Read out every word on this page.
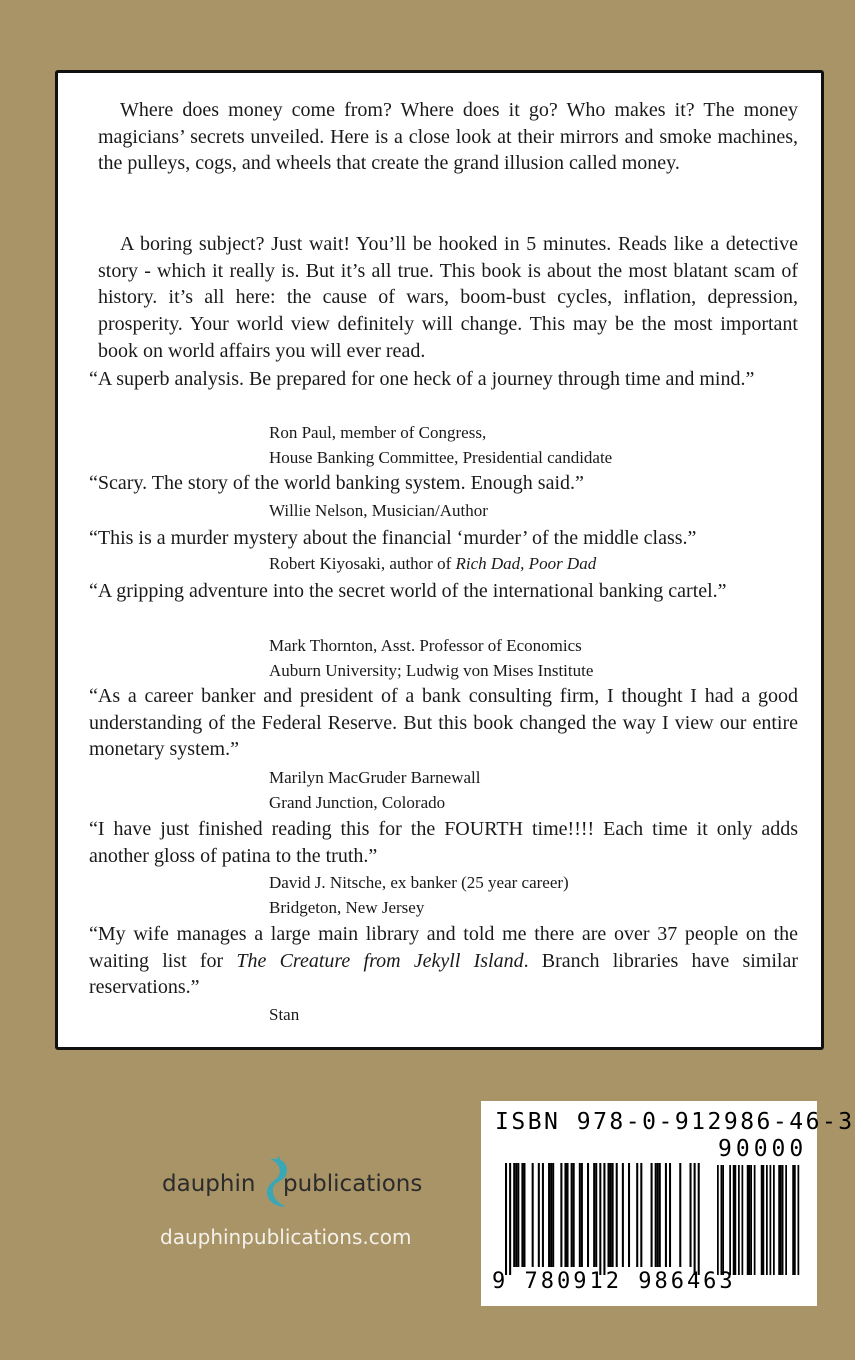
Where does money come from? Where does it go? Who makes it? The money magicians’ secrets unveiled. Here is a close look at their mirrors and smoke machines, the pulleys, cogs, and wheels that create the grand illusion called money.

A boring subject? Just wait! You’ll be hooked in 5 minutes. Reads like a detective story - which it really is. But it’s all true. This book is about the most blatant scam of history. it’s all here: the cause of wars, boom-bust cycles, inflation, depression, prosperity. Your world view definitely will change. This may be the most important book on world affairs you will ever read.

“A superb analysis. Be prepared for one heck of a journey through time and mind.”

Ron Paul, member of Congress,
House Banking Committee, Presidential candidate

“Scary. The story of the world banking system. Enough said.”

Willie Nelson, Musician/Author

“This is a murder mystery about the financial ‘murder’ of the middle class.”

Robert Kiyosaki, author of Rich Dad, Poor Dad

“A gripping adventure into the secret world of the international banking cartel.”

Mark Thornton, Asst. Professor of Economics
Auburn University; Ludwig von Mises Institute

“As a career banker and president of a bank consulting firm, I thought I had a good understanding of the Federal Reserve. But this book changed the way I view our entire monetary system.”

Marilyn MacGruder Barnewall
Grand Junction, Colorado

“I have just finished reading this for the FOURTH time!!!! Each time it only adds another gloss of patina to the truth.”

David J. Nitsche, ex banker (25 year career)
Bridgeton, New Jersey

“My wife manages a large main library and told me there are over 37 people on the waiting list for The Creature from Jekyll Island. Branch libraries have similar reservations.”

Stan
dauphin publications
dauphinpublications.com
ISBN 978-0-912986-46-3
90000
9 780912 986463
